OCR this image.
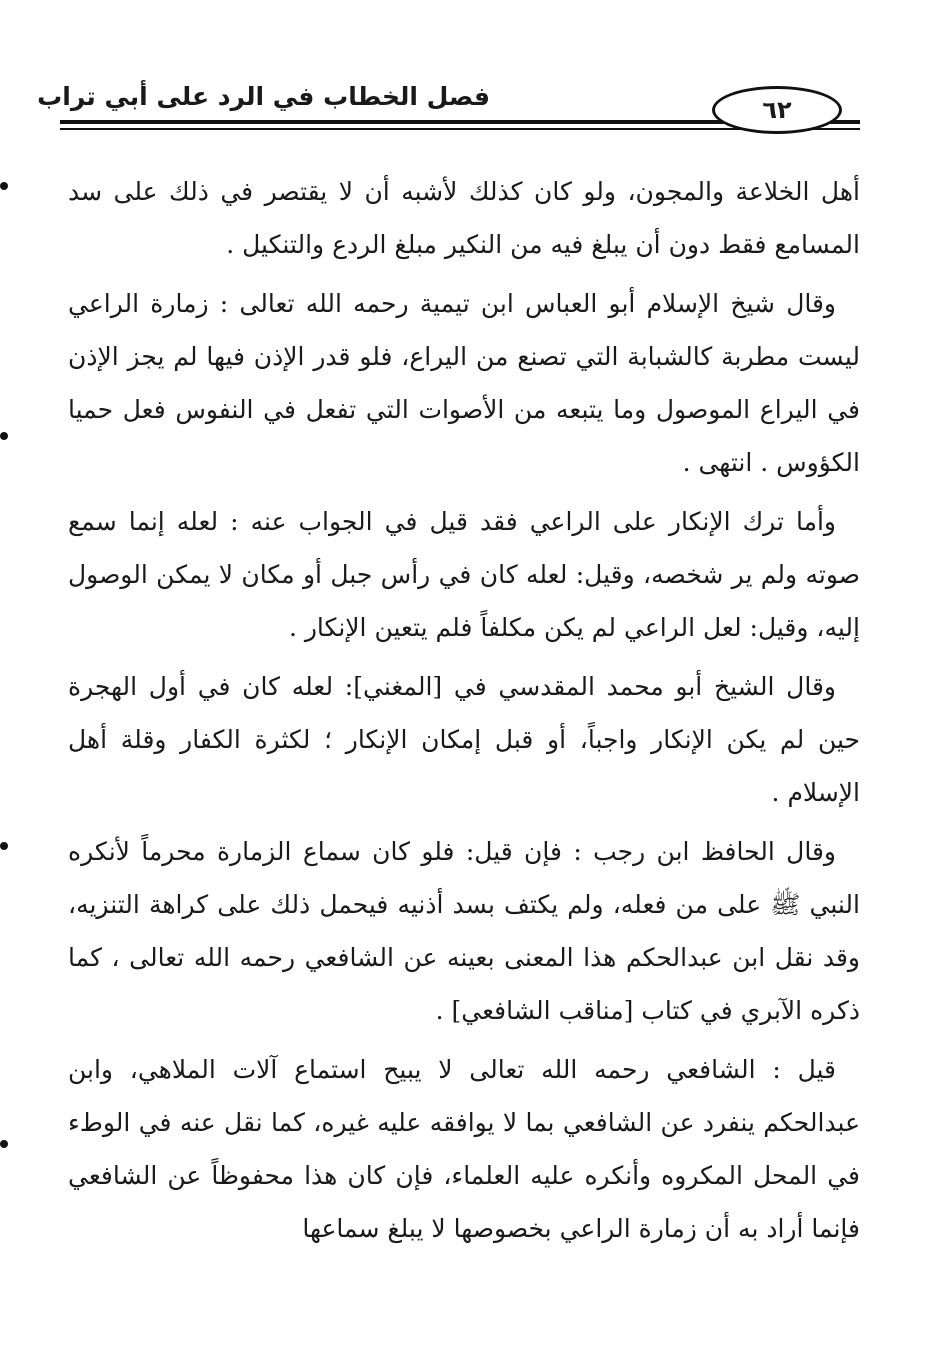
فصل الخطاب في الرد على أبي تراب	٦٢

أهل الخلاعة والمجون، ولو كان كذلك لأشبه أن لا يقتصر في ذلك على سد المسامع فقط دون أن يبلغ فيه من النكير مبلغ الردع والتنكيل .

وقال شيخ الإسلام أبو العباس ابن تيمية رحمه الله تعالى : زمارة الراعي ليست مطربة كالشبابة التي تصنع من اليراع، فلو قدر الإذن فيها لم يجز الإذن في اليراع الموصول وما يتبعه من الأصوات التي تفعل في النفوس فعل حميا الكؤوس . انتهى .

وأما ترك الإنكار على الراعي فقد قيل في الجواب عنه : لعله إنما سمع صوته ولم ير شخصه، وقيل: لعله كان في رأس جبل أو مكان لا يمكن الوصول إليه، وقيل: لعل الراعي لم يكن مكلفاً فلم يتعين الإنكار .

وقال الشيخ أبو محمد المقدسي في [المغني]: لعله كان في أول الهجرة حين لم يكن الإنكار واجباً، أو قبل إمكان الإنكار ؛ لكثرة الكفار وقلة أهل الإسلام .

وقال الحافظ ابن رجب : فإن قيل: فلو كان سماع الزمارة محرماً لأنكره النبي ﷺ على من فعله، ولم يكتف بسد أذنيه فيحمل ذلك على كراهة التنزيه، وقد نقل ابن عبدالحكم هذا المعنى بعينه عن الشافعي رحمه الله تعالى ، كما ذكره الآبري في كتاب [مناقب الشافعي] .

قيل : الشافعي رحمه الله تعالى لا يبيح استماع آلات الملاهي، وابن عبدالحكم ينفرد عن الشافعي بما لا يوافقه عليه غيره، كما نقل عنه في الوطء في المحل المكروه وأنكره عليه العلماء، فإن كان هذا محفوظاً عن الشافعي فإنما أراد به أن زمارة الراعي بخصوصها لا يبلغ سماعها
